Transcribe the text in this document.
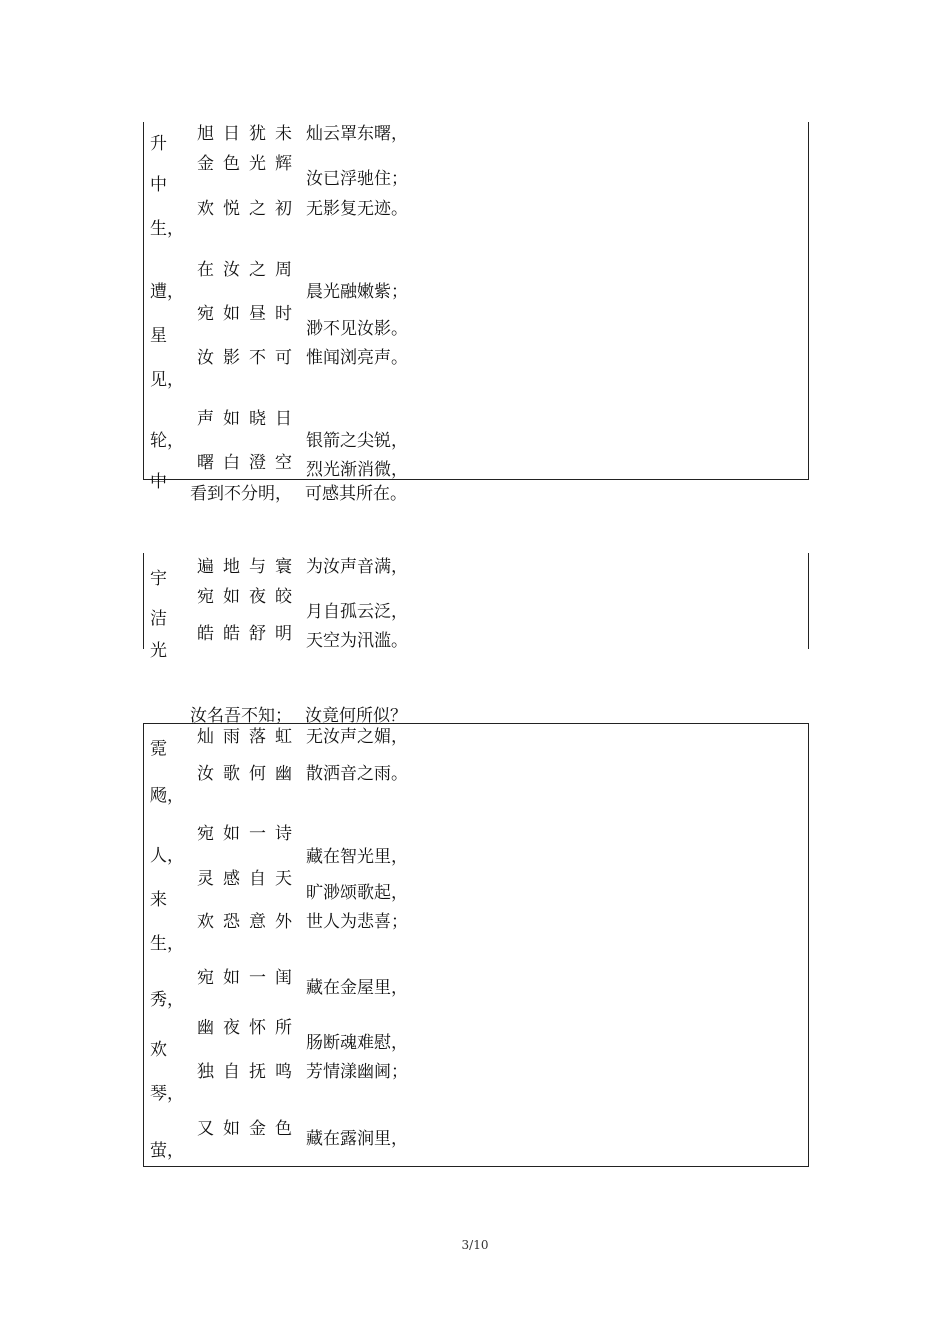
旭日犹未
金色光辉
欢悦之初
在汝之周
宛如昼时
汝影不可
声如晓日
曙白澄空
灿云罩东曙，
汝已浮驰住；
无影复无迹。
晨光融嫩紫；
渺不见汝影。
惟闻浏亮声。
银箭之尖锐，
烈光渐消微，
升
中
生，
遭，
星
见，
轮，
中
看到不分明， 可感其所在。
遍地与寰
宛如夜皎
皓皓舒明
为汝声音满，
月自孤云泛，
天空为汛滥。
宇
洁
光
汝名吾不知； 汝竟何所似？
灿雨落虹
汝歌何幽
宛如一诗
灵感自天
欢恐意外
宛如一闺
幽夜怀所
独自抚鸣
又如金色
无汝声之媚，
散洒音之雨。
藏在智光里，
旷渺颂歌起，
世人为悲喜；
藏在金屋里，
肠断魂难慰，
芳情漾幽阃；
藏在露涧里，
霓
飏，
人，
来
生，
秀，
欢
琴，
萤，
3/10
